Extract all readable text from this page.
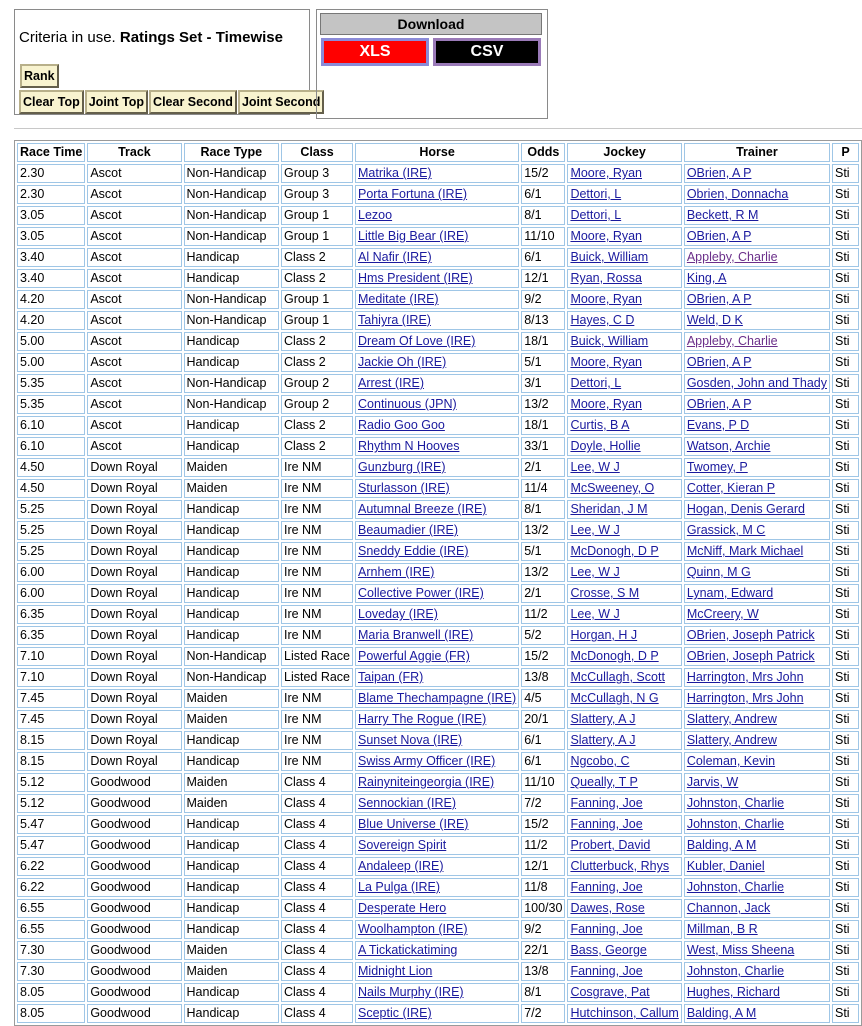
Criteria in use. Ratings Set - Timewise
Rank
Clear Top Joint Top Clear Second Joint Second
Download
XLS	CSV
Race Time	Track	Race Type	Class	Horse	Odds	Jockey	Trainer	P
2.30	Ascot	Non-Handicap	Group 3	Matrika (IRE)	15/2	Moore, Ryan	OBrien, A P	Sti
2.30	Ascot	Non-Handicap	Group 3	Porta Fortuna (IRE)	6/1	Dettori, L	Obrien, Donnacha	Sti
3.05	Ascot	Non-Handicap	Group 1	Lezoo	8/1	Dettori, L	Beckett, R M	Sti
3.05	Ascot	Non-Handicap	Group 1	Little Big Bear (IRE)	11/10	Moore, Ryan	OBrien, A P	Sti
3.40	Ascot	Handicap	Class 2	Al Nafir (IRE)	6/1	Buick, William	Appleby, Charlie	Sti
3.40	Ascot	Handicap	Class 2	Hms President (IRE)	12/1	Ryan, Rossa	King, A	Sti
4.20	Ascot	Non-Handicap	Group 1	Meditate (IRE)	9/2	Moore, Ryan	OBrien, A P	Sti
4.20	Ascot	Non-Handicap	Group 1	Tahiyra (IRE)	8/13	Hayes, C D	Weld, D K	Sti
5.00	Ascot	Handicap	Class 2	Dream Of Love (IRE)	18/1	Buick, William	Appleby, Charlie	Sti
5.00	Ascot	Handicap	Class 2	Jackie Oh (IRE)	5/1	Moore, Ryan	OBrien, A P	Sti
5.35	Ascot	Non-Handicap	Group 2	Arrest (IRE)	3/1	Dettori, L	Gosden, John and Thady	Sti
5.35	Ascot	Non-Handicap	Group 2	Continuous (JPN)	13/2	Moore, Ryan	OBrien, A P	Sti
6.10	Ascot	Handicap	Class 2	Radio Goo Goo	18/1	Curtis, B A	Evans, P D	Sti
6.10	Ascot	Handicap	Class 2	Rhythm N Hooves	33/1	Doyle, Hollie	Watson, Archie	Sti
4.50	Down Royal	Maiden	Ire NM	Gunzburg (IRE)	2/1	Lee, W J	Twomey, P	Sti
4.50	Down Royal	Maiden	Ire NM	Sturlasson (IRE)	11/4	McSweeney, O	Cotter, Kieran P	Sti
5.25	Down Royal	Handicap	Ire NM	Autumnal Breeze (IRE)	8/1	Sheridan, J M	Hogan, Denis Gerard	Sti
5.25	Down Royal	Handicap	Ire NM	Beaumadier (IRE)	13/2	Lee, W J	Grassick, M C	Sti
5.25	Down Royal	Handicap	Ire NM	Sneddy Eddie (IRE)	5/1	McDonogh, D P	McNiff, Mark Michael	Sti
6.00	Down Royal	Handicap	Ire NM	Arnhem (IRE)	13/2	Lee, W J	Quinn, M G	Sti
6.00	Down Royal	Handicap	Ire NM	Collective Power (IRE)	2/1	Crosse, S M	Lynam, Edward	Sti
6.35	Down Royal	Handicap	Ire NM	Loveday (IRE)	11/2	Lee, W J	McCreery, W	Sti
6.35	Down Royal	Handicap	Ire NM	Maria Branwell (IRE)	5/2	Horgan, H J	OBrien, Joseph Patrick	Sti
7.10	Down Royal	Non-Handicap	Listed Race	Powerful Aggie (FR)	15/2	McDonogh, D P	OBrien, Joseph Patrick	Sti
7.10	Down Royal	Non-Handicap	Listed Race	Taipan (FR)	13/8	McCullagh, Scott	Harrington, Mrs John	Sti
7.45	Down Royal	Maiden	Ire NM	Blame Thechampagne (IRE)	4/5	McCullagh, N G	Harrington, Mrs John	Sti
7.45	Down Royal	Maiden	Ire NM	Harry The Rogue (IRE)	20/1	Slattery, A J	Slattery, Andrew	Sti
8.15	Down Royal	Handicap	Ire NM	Sunset Nova (IRE)	6/1	Slattery, A J	Slattery, Andrew	Sti
8.15	Down Royal	Handicap	Ire NM	Swiss Army Officer (IRE)	6/1	Ngcobo, C	Coleman, Kevin	Sti
5.12	Goodwood	Maiden	Class 4	Rainyniteingeorgia (IRE)	11/10	Queally, T P	Jarvis, W	Sti
5.12	Goodwood	Maiden	Class 4	Sennockian (IRE)	7/2	Fanning, Joe	Johnston, Charlie	Sti
5.47	Goodwood	Handicap	Class 4	Blue Universe (IRE)	15/2	Fanning, Joe	Johnston, Charlie	Sti
5.47	Goodwood	Handicap	Class 4	Sovereign Spirit	11/2	Probert, David	Balding, A M	Sti
6.22	Goodwood	Handicap	Class 4	Andaleep (IRE)	12/1	Clutterbuck, Rhys	Kubler, Daniel	Sti
6.22	Goodwood	Handicap	Class 4	La Pulga (IRE)	11/8	Fanning, Joe	Johnston, Charlie	Sti
6.55	Goodwood	Handicap	Class 4	Desperate Hero	100/30	Dawes, Rose	Channon, Jack	Sti
6.55	Goodwood	Handicap	Class 4	Woolhampton (IRE)	9/2	Fanning, Joe	Millman, B R	Sti
7.30	Goodwood	Maiden	Class 4	A Tickatickatiming	22/1	Bass, George	West, Miss Sheena	Sti
7.30	Goodwood	Maiden	Class 4	Midnight Lion	13/8	Fanning, Joe	Johnston, Charlie	Sti
8.05	Goodwood	Handicap	Class 4	Nails Murphy (IRE)	8/1	Cosgrave, Pat	Hughes, Richard	Sti
8.05	Goodwood	Handicap	Class 4	Sceptic (IRE)	7/2	Hutchinson, Callum	Balding, A M	Sti
